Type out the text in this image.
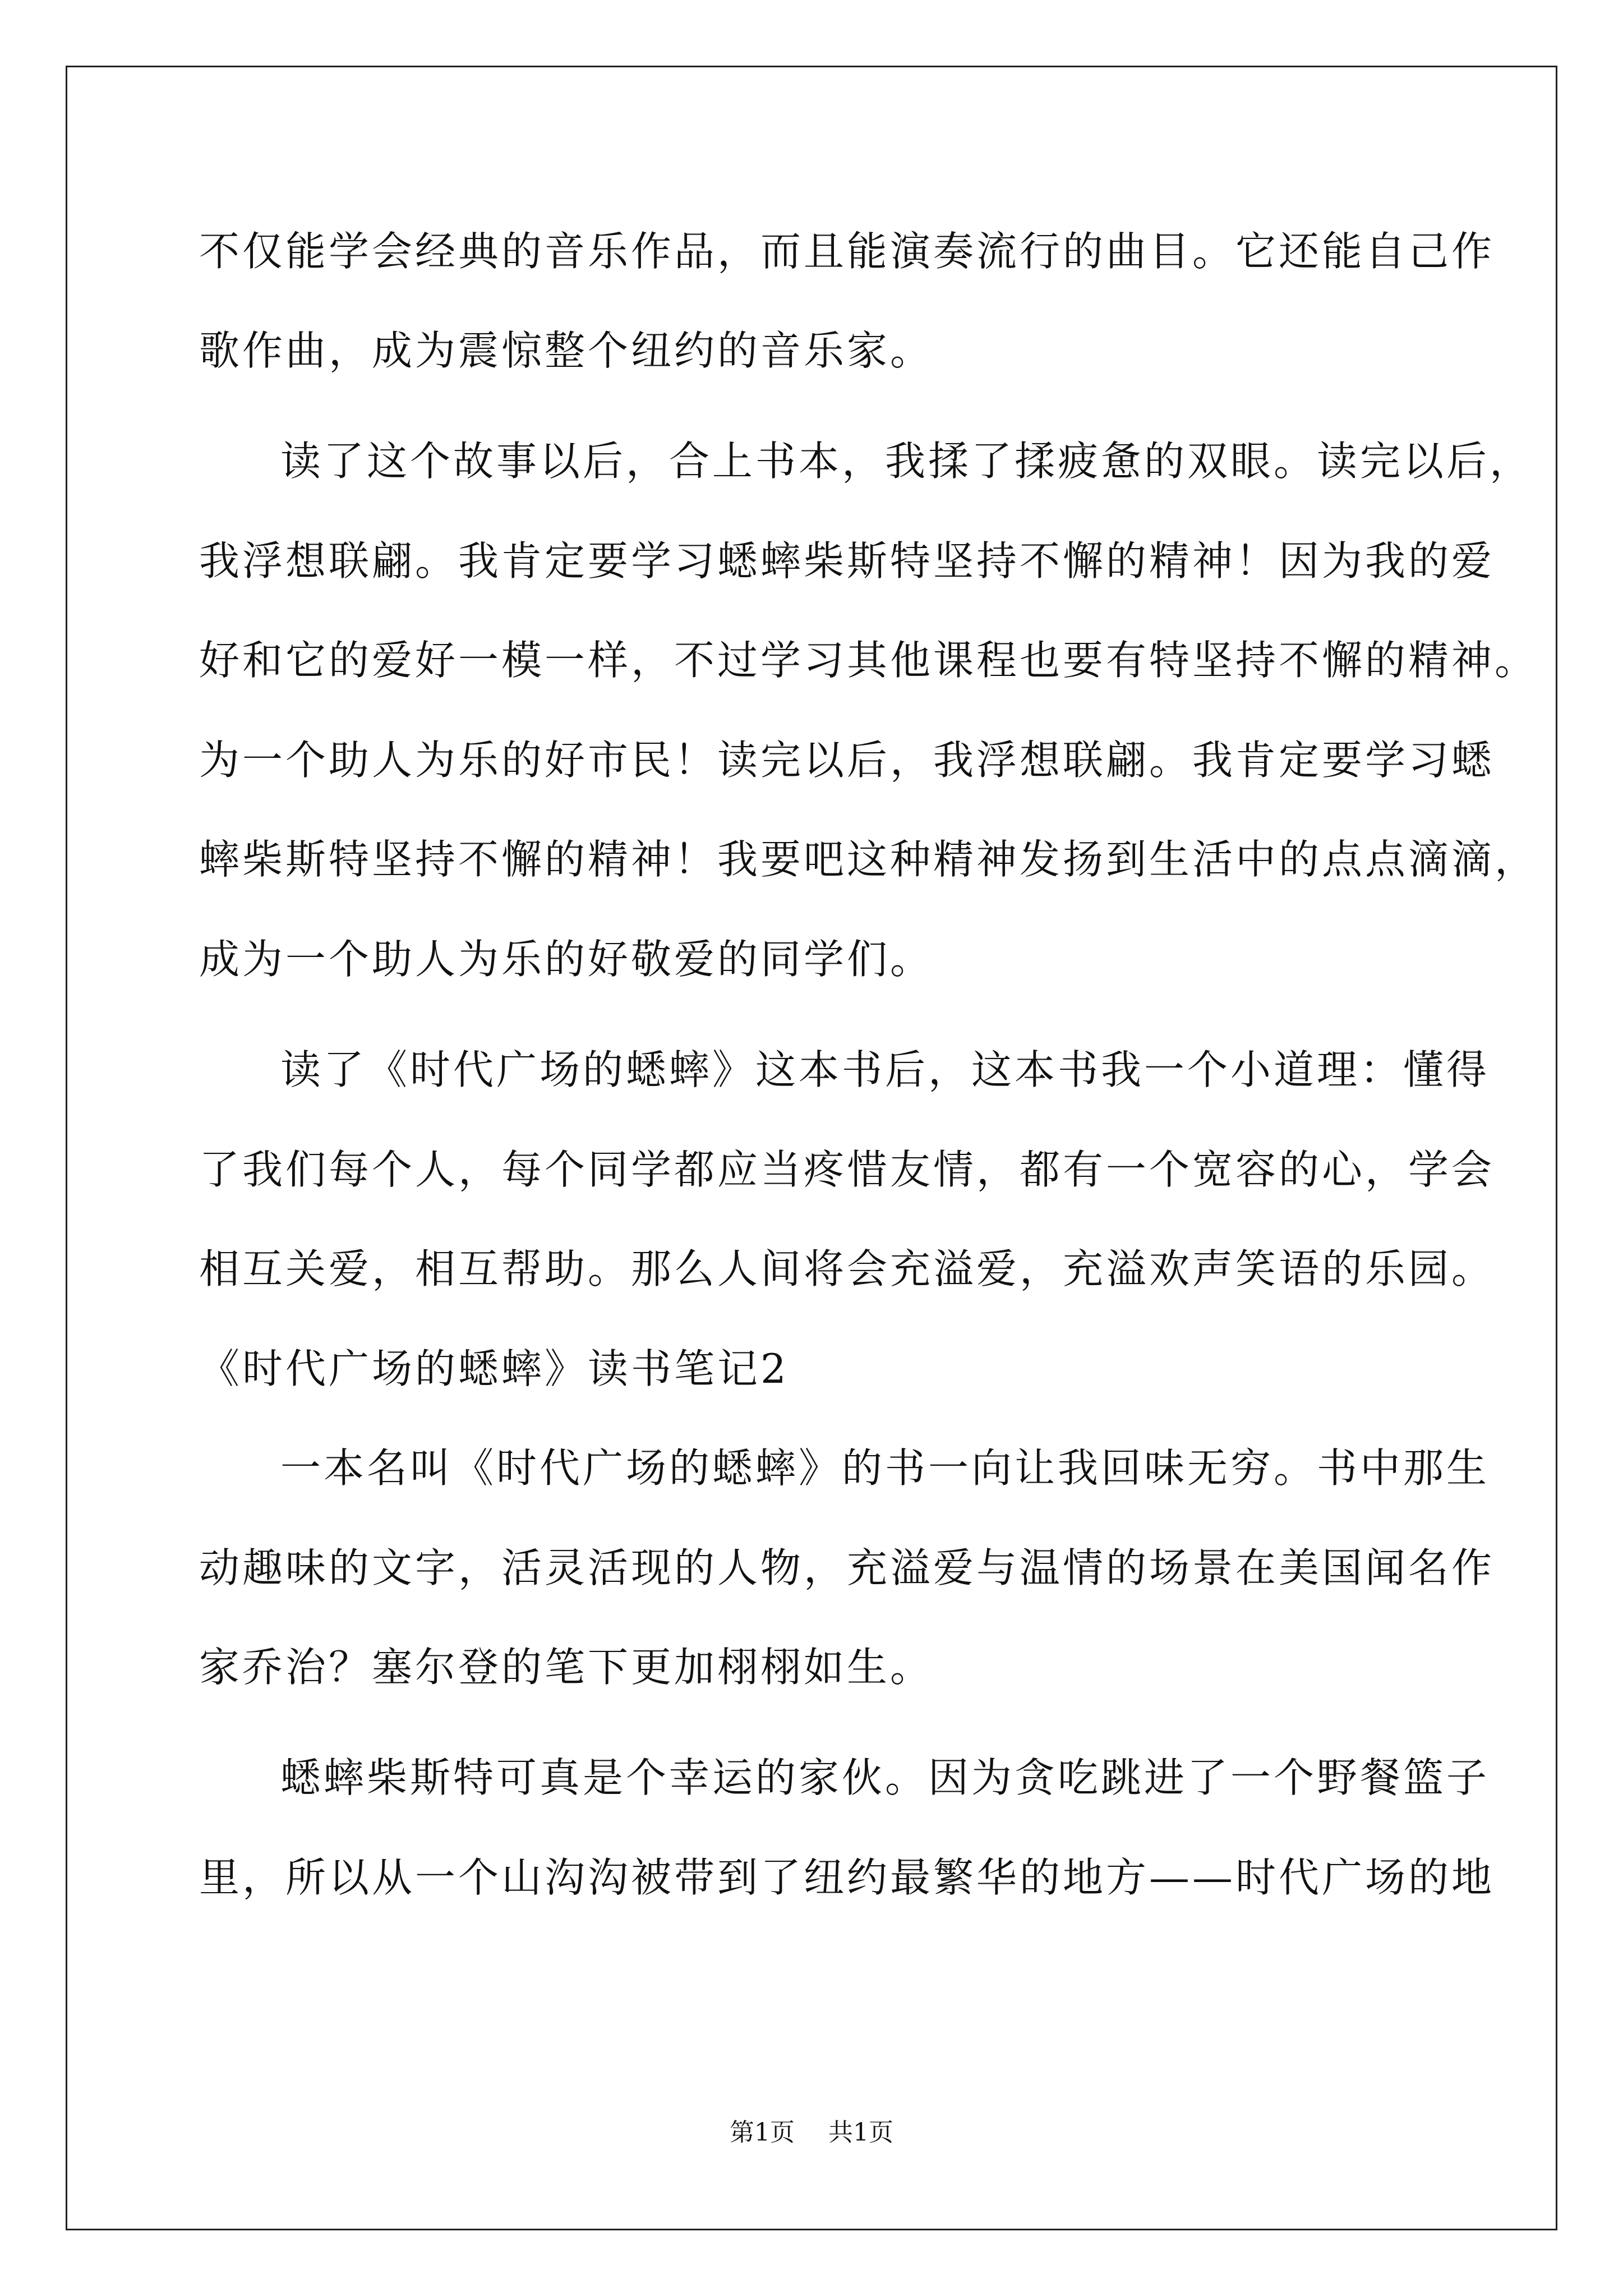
不仅能学会经典的音乐作品，而且能演奏流行的曲目。它还能自己作
歌作曲，成为震惊整个纽约的音乐家。
读了这个故事以后，合上书本，我揉了揉疲惫的双眼。读完以后，
我浮想联翩。我肯定要学习蟋蟀柴斯特坚持不懈的精神！因为我的爱
好和它的爱好一模一样，不过学习其他课程也要有特坚持不懈的精神。
为一个助人为乐的好市民！读完以后，我浮想联翩。我肯定要学习蟋
蟀柴斯特坚持不懈的精神！我要吧这种精神发扬到生活中的点点滴滴，
成为一个助人为乐的好敬爱的同学们。
读了《时代广场的蟋蟀》这本书后，这本书我一个小道理：懂得
了我们每个人，每个同学都应当疼惜友情，都有一个宽容的心，学会
相互关爱，相互帮助。那么人间将会充溢爱，充溢欢声笑语的乐园。
《时代广场的蟋蟀》读书笔记2
一本名叫《时代广场的蟋蟀》的书一向让我回味无穷。书中那生
动趣味的文字，活灵活现的人物，充溢爱与温情的场景在美国闻名作
家乔治？塞尔登的笔下更加栩栩如生。
蟋蟀柴斯特可真是个幸运的家伙。因为贪吃跳进了一个野餐篮子
里，所以从一个山沟沟被带到了纽约最繁华的地方——时代广场的地
第1页 共1页
